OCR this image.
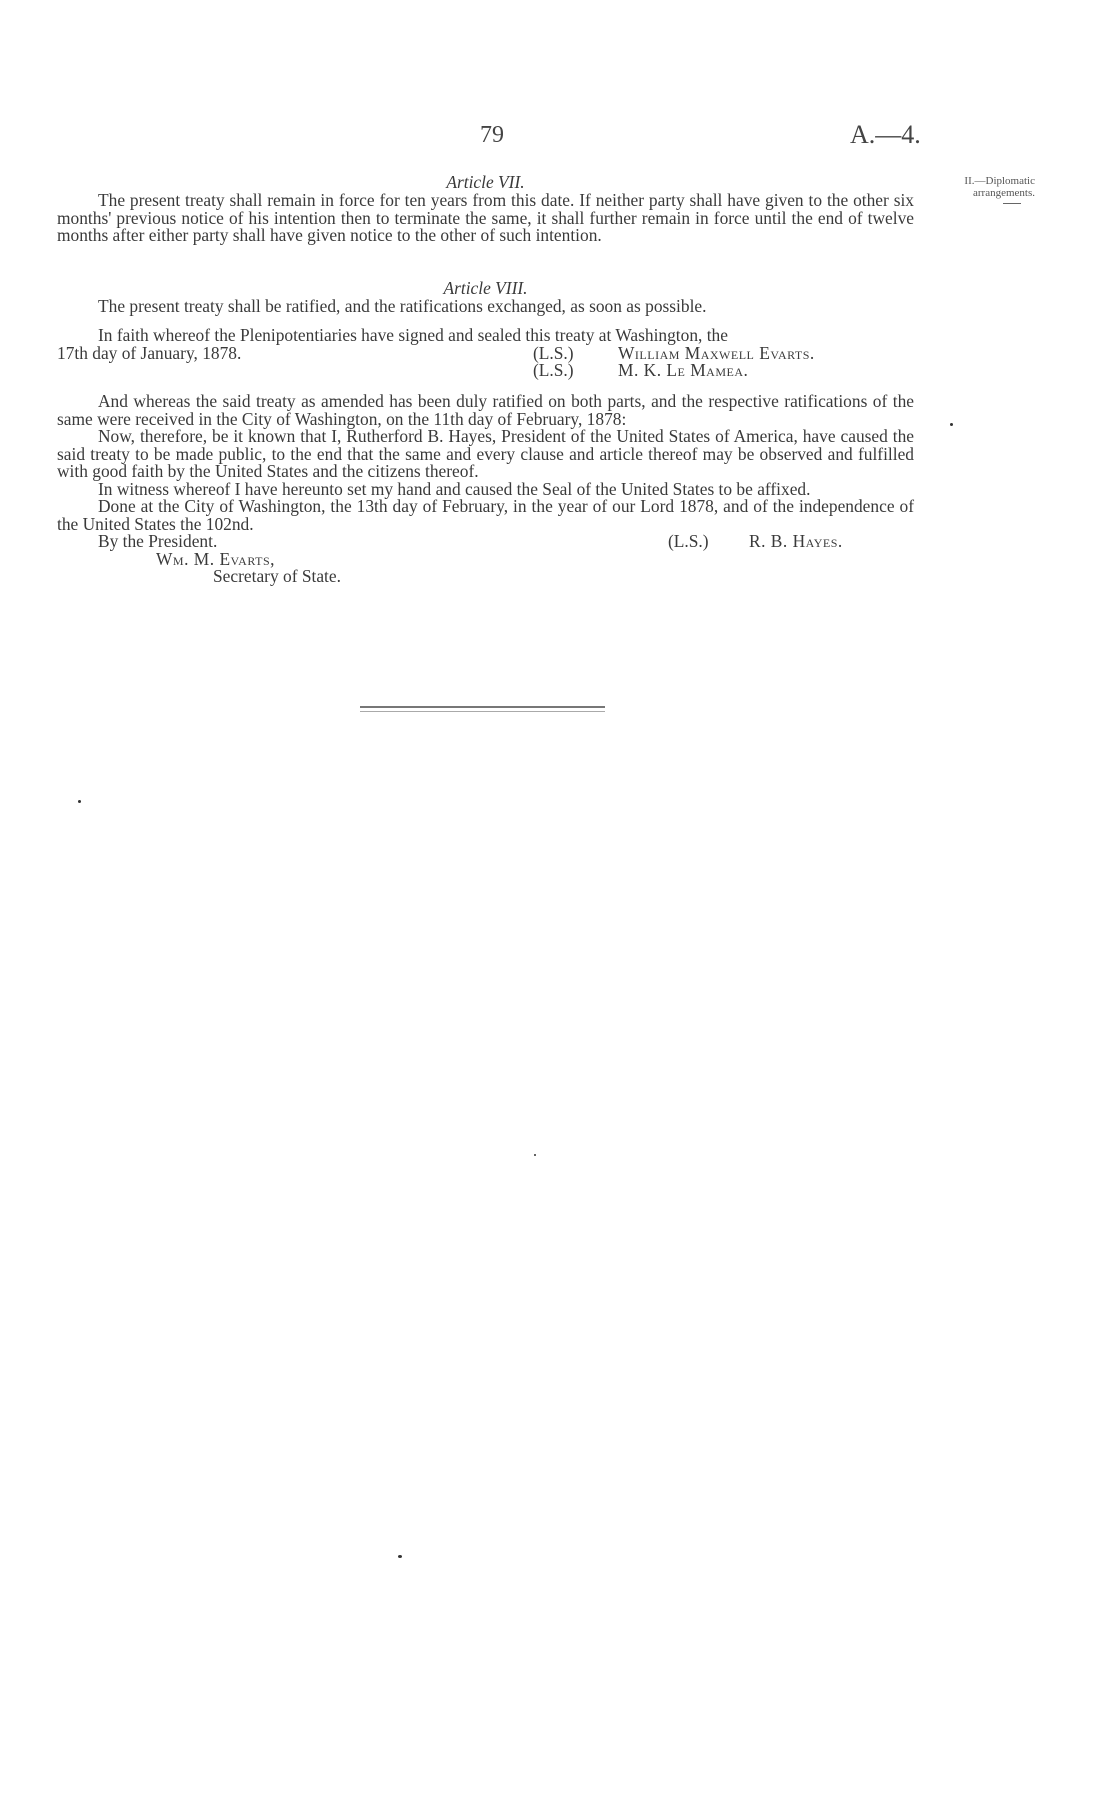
79	A.—4.
II.—Diplomatic
arrangements.
Article VII.

The present treaty shall remain in force for ten years from this date. If neither party shall have given to the other six months' previous notice of his intention then to terminate the same, it shall further remain in force until the end of twelve months after either party shall have given notice to the other of such intention.

Article VIII.

The present treaty shall be ratified, and the ratifications exchanged, as soon as possible.

In faith whereof the Plenipotentiaries have signed and sealed this treaty at Washington, the

17th day of January, 1878.	(L.S.)	William Maxwell Evarts.
(L.S.)	M. K. Le Mamea.

And whereas the said treaty as amended has been duly ratified on both parts, and the respective ratifications of the same were received in the City of Washington, on the 11th day of February, 1878:

Now, therefore, be it known that I, Rutherford B. Hayes, President of the United States of America, have caused the said treaty to be made public, to the end that the same and every clause and article thereof may be observed and fulfilled with good faith by the United States and the citizens thereof.

In witness whereof I have hereunto set my hand and caused the Seal of the United States to be affixed.

Done at the City of Washington, the 13th day of February, in the year of our Lord 1878, and of the independence of the United States the 102nd.

By the President.	(L.S.) R. B. Hayes.
Wm. M. Evarts,
Secretary of State.
